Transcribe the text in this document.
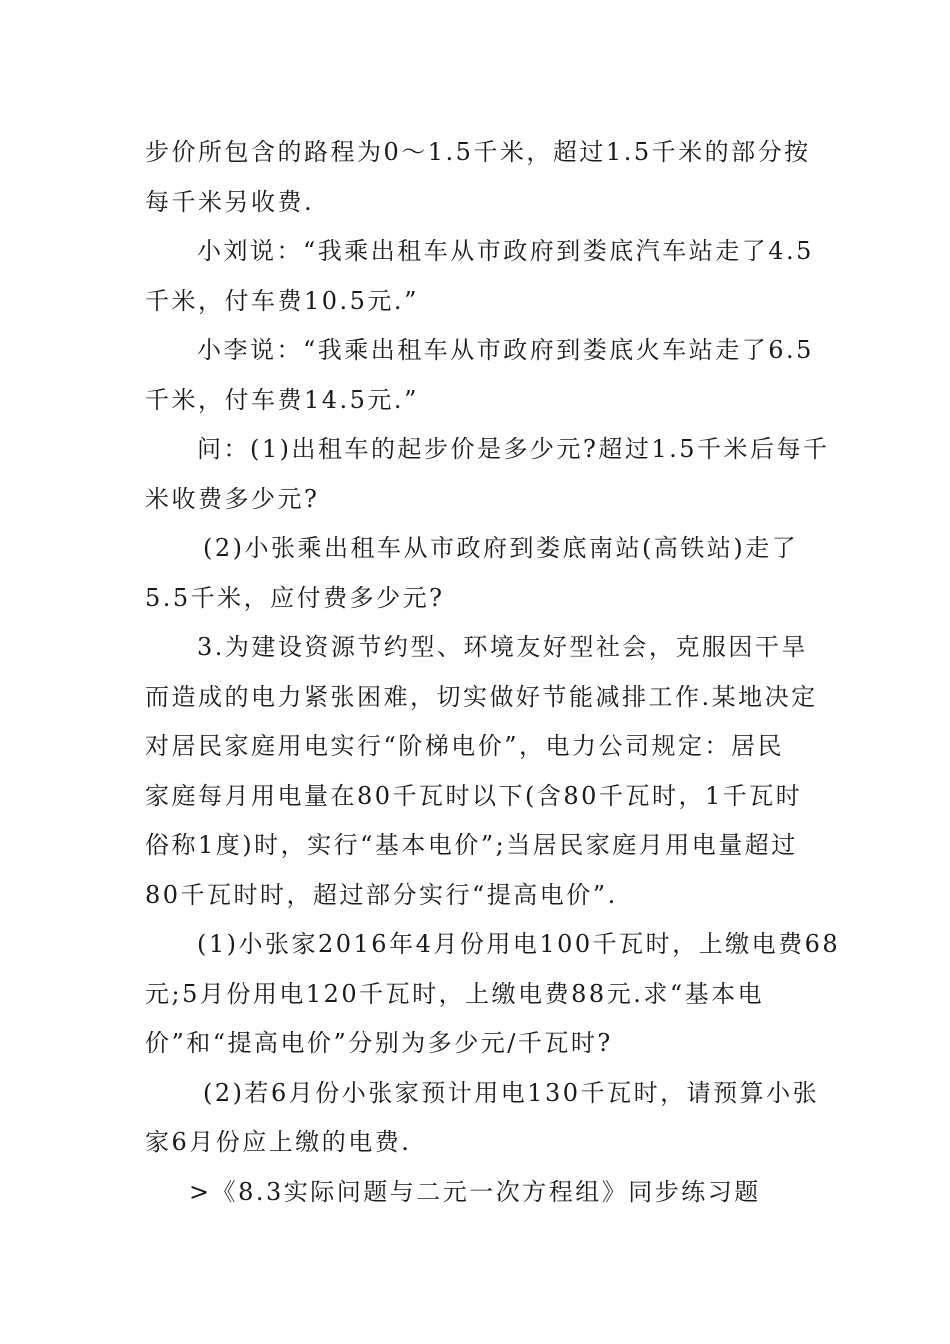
步价所包含的路程为0～1.5千米，超过1.5千米的部分按

每千米另收费.

小刘说：“我乘出租车从市政府到娄底汽车站走了4.5

千米，付车费10.5元.”

小李说：“我乘出租车从市政府到娄底火车站走了6.5

千米，付车费14.5元.”

问：(1)出租车的起步价是多少元?超过1.5千米后每千

米收费多少元?

(2)小张乘出租车从市政府到娄底南站(高铁站)走了

5.5千米，应付费多少元?

3.为建设资源节约型、环境友好型社会，克服因干旱

而造成的电力紧张困难，切实做好节能减排工作.某地决定

对居民家庭用电实行“阶梯电价”，电力公司规定：居民

家庭每月用电量在80千瓦时以下(含80千瓦时，1千瓦时

俗称1度)时，实行“基本电价”;当居民家庭月用电量超过

80千瓦时时，超过部分实行“提高电价”.

(1)小张家2016年4月份用电100千瓦时，上缴电费68

元;5月份用电120千瓦时，上缴电费88元.求“基本电

价”和“提高电价”分别为多少元/千瓦时?

(2)若6月份小张家预计用电130千瓦时，请预算小张

家6月份应上缴的电费.

>《8.3实际问题与二元一次方程组》同步练习题
